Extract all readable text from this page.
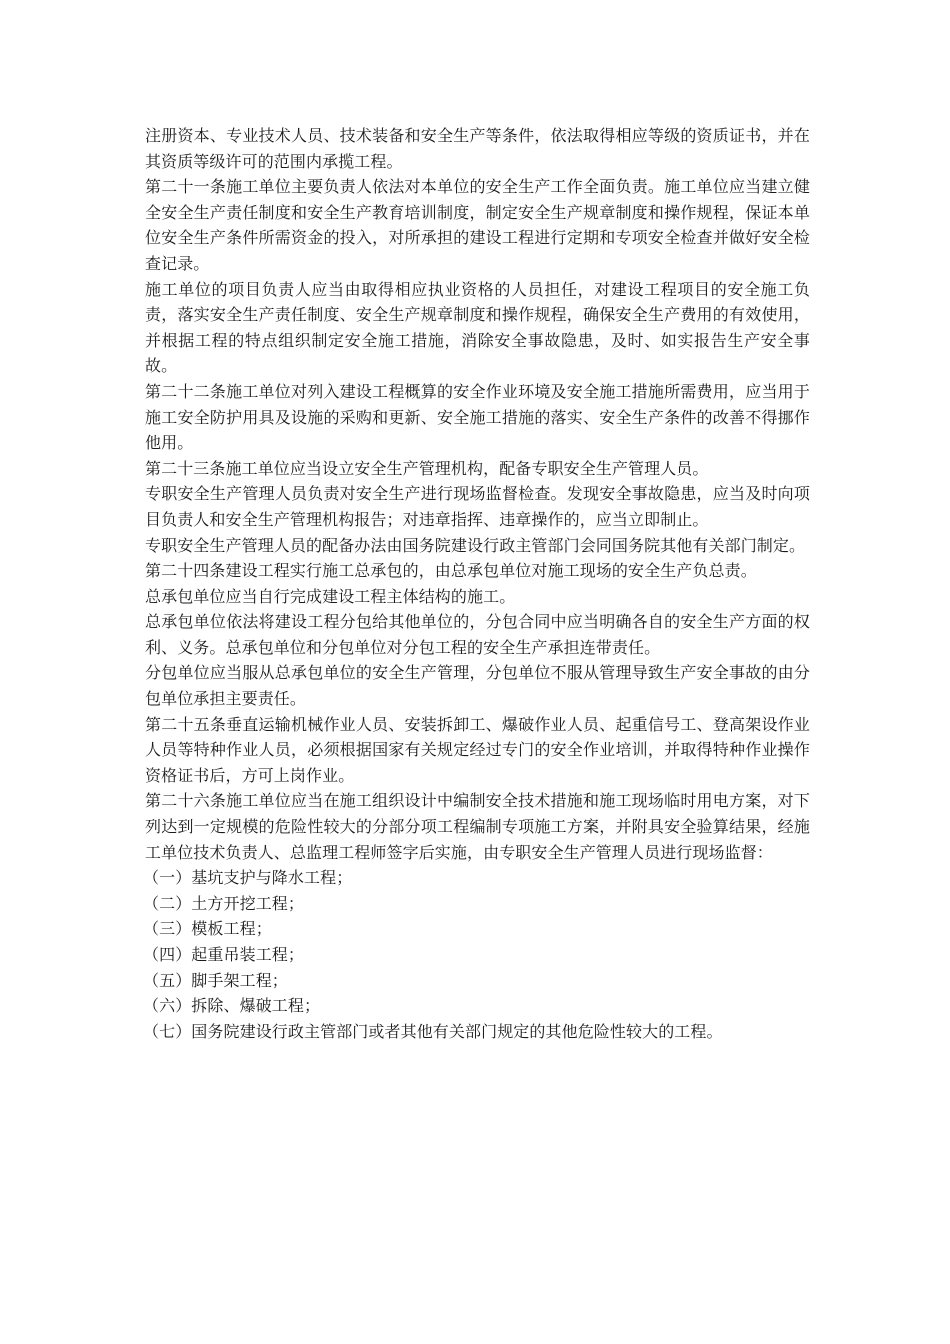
注册资本、专业技术人员、技术装备和安全生产等条件，依法取得相应等级的资质证书，并在其资质等级许可的范围内承揽工程。

第二十一条施工单位主要负责人依法对本单位的安全生产工作全面负责。施工单位应当建立健全安全生产责任制度和安全生产教育培训制度，制定安全生产规章制度和操作规程，保证本单位安全生产条件所需资金的投入，对所承担的建设工程进行定期和专项安全检查并做好安全检查记录。

施工单位的项目负责人应当由取得相应执业资格的人员担任，对建设工程项目的安全施工负责，落实安全生产责任制度、安全生产规章制度和操作规程，确保安全生产费用的有效使用，并根据工程的特点组织制定安全施工措施，消除安全事故隐患，及时、如实报告生产安全事故。

第二十二条施工单位对列入建设工程概算的安全作业环境及安全施工措施所需费用，应当用于施工安全防护用具及设施的采购和更新、安全施工措施的落实、安全生产条件的改善不得挪作他用。

第二十三条施工单位应当设立安全生产管理机构，配备专职安全生产管理人员。

专职安全生产管理人员负责对安全生产进行现场监督检查。发现安全事故隐患，应当及时向项目负责人和安全生产管理机构报告；对违章指挥、违章操作的，应当立即制止。

专职安全生产管理人员的配备办法由国务院建设行政主管部门会同国务院其他有关部门制定。

第二十四条建设工程实行施工总承包的，由总承包单位对施工现场的安全生产负总责。

总承包单位应当自行完成建设工程主体结构的施工。

总承包单位依法将建设工程分包给其他单位的，分包合同中应当明确各自的安全生产方面的权利、义务。总承包单位和分包单位对分包工程的安全生产承担连带责任。

分包单位应当服从总承包单位的安全生产管理，分包单位不服从管理导致生产安全事故的由分包单位承担主要责任。

第二十五条垂直运输机械作业人员、安装拆卸工、爆破作业人员、起重信号工、登高架设作业人员等特种作业人员，必须根据国家有关规定经过专门的安全作业培训，并取得特种作业操作资格证书后，方可上岗作业。

第二十六条施工单位应当在施工组织设计中编制安全技术措施和施工现场临时用电方案，对下列达到一定规模的危险性较大的分部分项工程编制专项施工方案，并附具安全验算结果，经施工单位技术负责人、总监理工程师签字后实施，由专职安全生产管理人员进行现场监督：

（一）基坑支护与降水工程；

（二）土方开挖工程；

（三）模板工程；

（四）起重吊装工程；

（五）脚手架工程；

（六）拆除、爆破工程；

（七）国务院建设行政主管部门或者其他有关部门规定的其他危险性较大的工程。
